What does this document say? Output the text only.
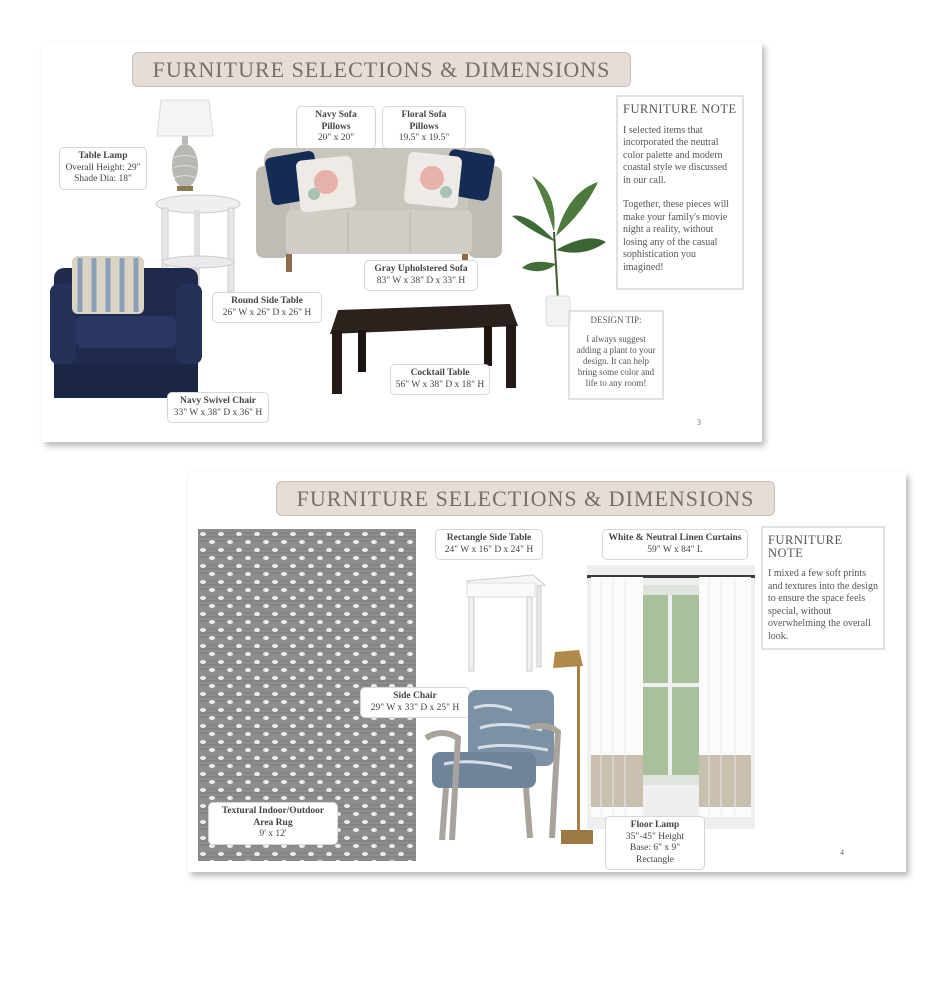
FURNITURE SELECTIONS & DIMENSIONS
Table Lamp
Overall Height: 29"
Shade Dia: 18"
Round Side Table
26" W x 26" D x 26" H
Navy Swivel Chair
33" W x 38" D x 36" H
Navy Sofa Pillows
20" x 20"
Floral Sofa Pillows
19.5" x 19.5"
Gray Upholstered Sofa
83" W x 38" D x 33" H
Cocktail Table
56" W x 38" D x 18" H
DESIGN TIP:
I always suggest adding a plant to your design. It can help bring some color and life to any room!
FURNITURE NOTE

I selected items that incorporated the neutral color palette and modern coastal style we discussed in our call.

Together, these pieces will make your family's movie night a reality, without losing any of the casual sophistication you imagined!

3
FURNITURE SELECTIONS & DIMENSIONS
Textural Indoor/Outdoor Area Rug
9' x 12'
Rectangle Side Table
24" W x 16" D x 24" H
White & Neutral Linen Curtains
59" W x 84" L
Side Chair
29" W x 33" D x 25" H
Floor Lamp
35"-45" Height
Base: 6" x 9" Rectangle
FURNITURE NOTE

I mixed a few soft prints and textures into the design to ensure the space feels special, without overwhelming the overall look.

4
